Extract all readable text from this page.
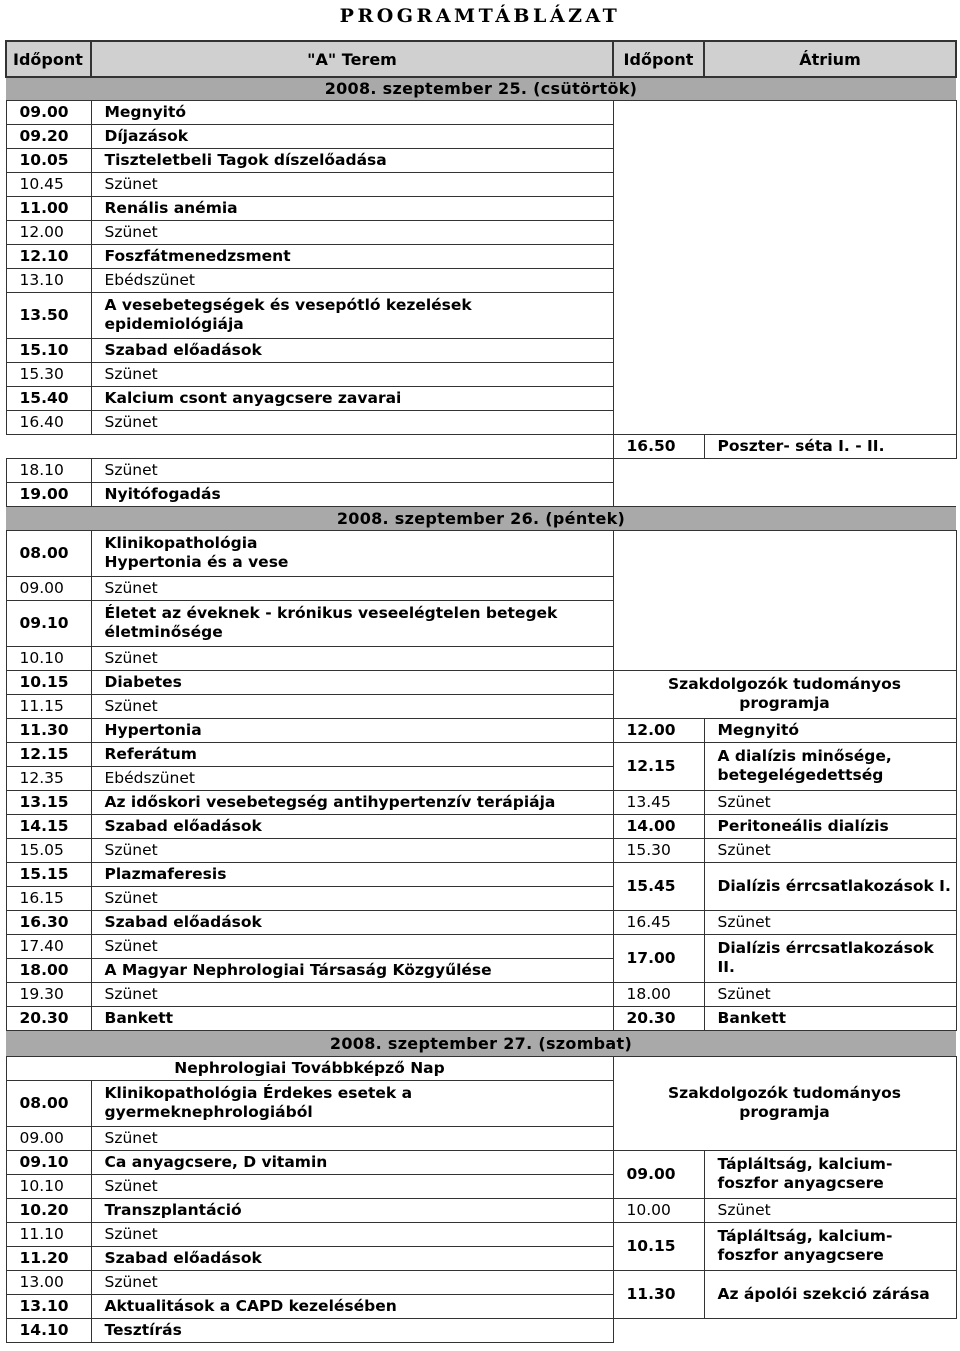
PROGRAMTÁBLÁZAT
Időpont	"A" Terem	Időpont	Átrium
2008. szeptember 25. (csütörtök)			
09.00	Megnyitó		
09.20	Díjazások		
10.05	Tiszteletbeli Tagok díszelőadása		
10.45	Szünet		
11.00	Renális anémia		
12.00	Szünet		
12.10	Foszfátmenedzsment		
13.10	Ebédszünet		
13.50	A vesebetegségek és vesepótló kezelések epidemiológiája		
15.10	Szabad előadások		
15.30	Szünet		
15.40	Kalcium csont anyagcsere zavarai		
16.40	Szünet		
		16.50	Poszter- séta I. - II.
18.10	Szünet		
19.00	Nyitófogadás		
2008. szeptember 26. (péntek)			
08.00	Klinikopathológia Hypertonia és a vese		
09.00	Szünet		
09.10	Életet az éveknek - krónikus veseelégtelen betegek életminősége		
10.10	Szünet		
10.15	Diabetes	Szakdolgozók tudományos programja	
11.15	Szünet		
11.30	Hypertonia	12.00	Megnyitó
12.15	Referátum	12.15	A dialízis minősége, betegelégedettség
12.35	Ebédszünet		
13.15	Az időskori vesebetegség antihypertenzív terápiája	13.45	Szünet
14.15	Szabad előadások	14.00	Peritoneális dialízis
15.05	Szünet	15.30	Szünet
15.15	Plazmaferesis	15.45	Dialízis érrcsatlakozások I.
16.15	Szünet		
16.30	Szabad előadások	16.45	Szünet
17.40	Szünet	17.00	Dialízis érrcsatlakozások II.
18.00	A Magyar Nephrologiai Társaság Közgyűlése		
19.30	Szünet	18.00	Szünet
20.30	Bankett	20.30	Bankett
2008. szeptember 27. (szombat)			
Nephrologiai Továbbképző Nap		Szakdolgozók tudományos programja	
08.00	Klinikopathológia Érdekes esetek a gyermeknephrologiából		
09.00	Szünet		
09.10	Ca anyagcsere, D vitamin	09.00	Tápláltság, kalcium-foszfor anyagcsere
10.10	Szünet		
10.20	Transzplantáció	10.00	Szünet
11.10	Szünet	10.15	Tápláltság, kalcium-foszfor anyagcsere
11.20	Szabad előadások		
13.00	Szünet	11.30	Az ápolói szekció zárása
13.10	Aktualitások a CAPD kezelésében		
14.10	Tesztírás		
